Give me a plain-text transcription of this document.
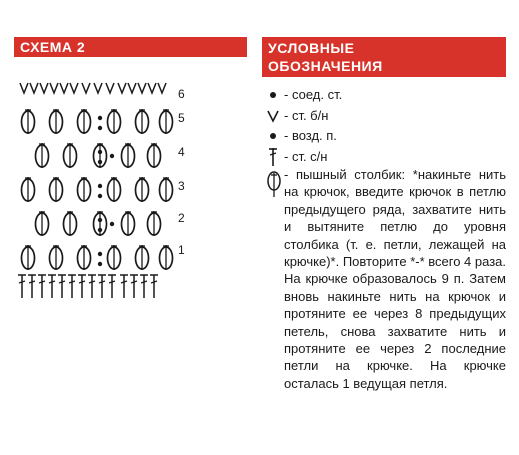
СХЕМА 2	УСЛОВНЫЕ
ОБОЗНАЧЕНИЯ
6
5
4
3
2
1
- соед. ст.
- ст. б/н
- возд. п.
- ст. с/н

- пышный столбик: *накиньте нить на крючок, введите крючок в петлю предыдущего ряда, захватите нить и вытяните петлю до уровня столбика (т. е. петли, лежащей на крючке)*. Повторите *-* всего 4 раза. На крючке образовалось 9 п. Затем вновь накиньте нить на крючок и протяните ее через 8 предыдущих петель, снова захватите нить и протяните ее через 2 последние петли на крючке. На крючке осталась 1 ведущая петля.
